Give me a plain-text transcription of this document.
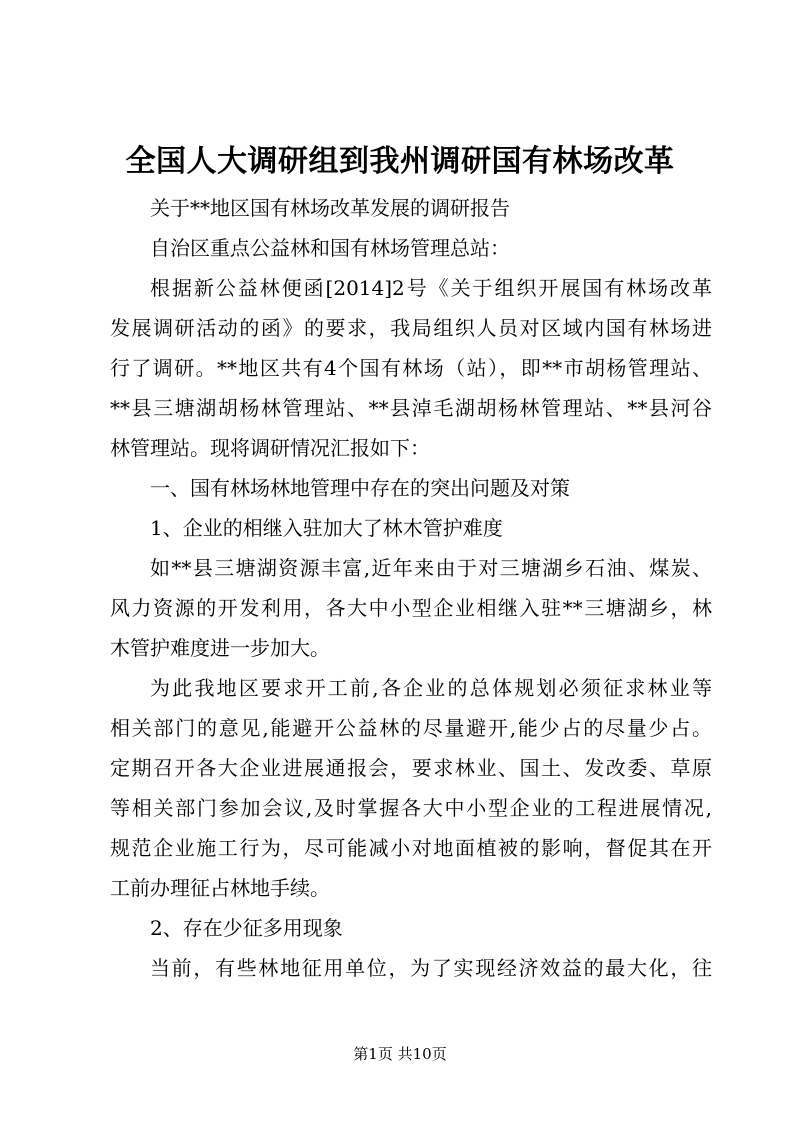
全国人大调研组到我州调研国有林场改革

关于**地区国有林场改革发展的调研报告

自治区重点公益林和国有林场管理总站：

根据新公益林便函[2014]2号《关于组织开展国有林场改革
发展调研活动的函》的要求，我局组织人员对区域内国有林场进
行了调研。**地区共有4个国有林场（站），即**市胡杨管理站、
**县三塘湖胡杨林管理站、**县淖毛湖胡杨林管理站、**县河谷
林管理站。现将调研情况汇报如下：

一、国有林场林地管理中存在的突出问题及对策

1、企业的相继入驻加大了林木管护难度

如**县三塘湖资源丰富,近年来由于对三塘湖乡石油、煤炭、
风力资源的开发利用，各大中小型企业相继入驻**三塘湖乡，林
木管护难度进一步加大。

为此我地区要求开工前,各企业的总体规划必须征求林业等
相关部门的意见,能避开公益林的尽量避开,能少占的尽量少占。
定期召开各大企业进展通报会，要求林业、国土、发改委、草原
等相关部门参加会议,及时掌握各大中小型企业的工程进展情况,
规范企业施工行为，尽可能减小对地面植被的影响，督促其在开
工前办理征占林地手续。

2、存在少征多用现象

当前，有些林地征用单位，为了实现经济效益的最大化，往

第1页 共10页
